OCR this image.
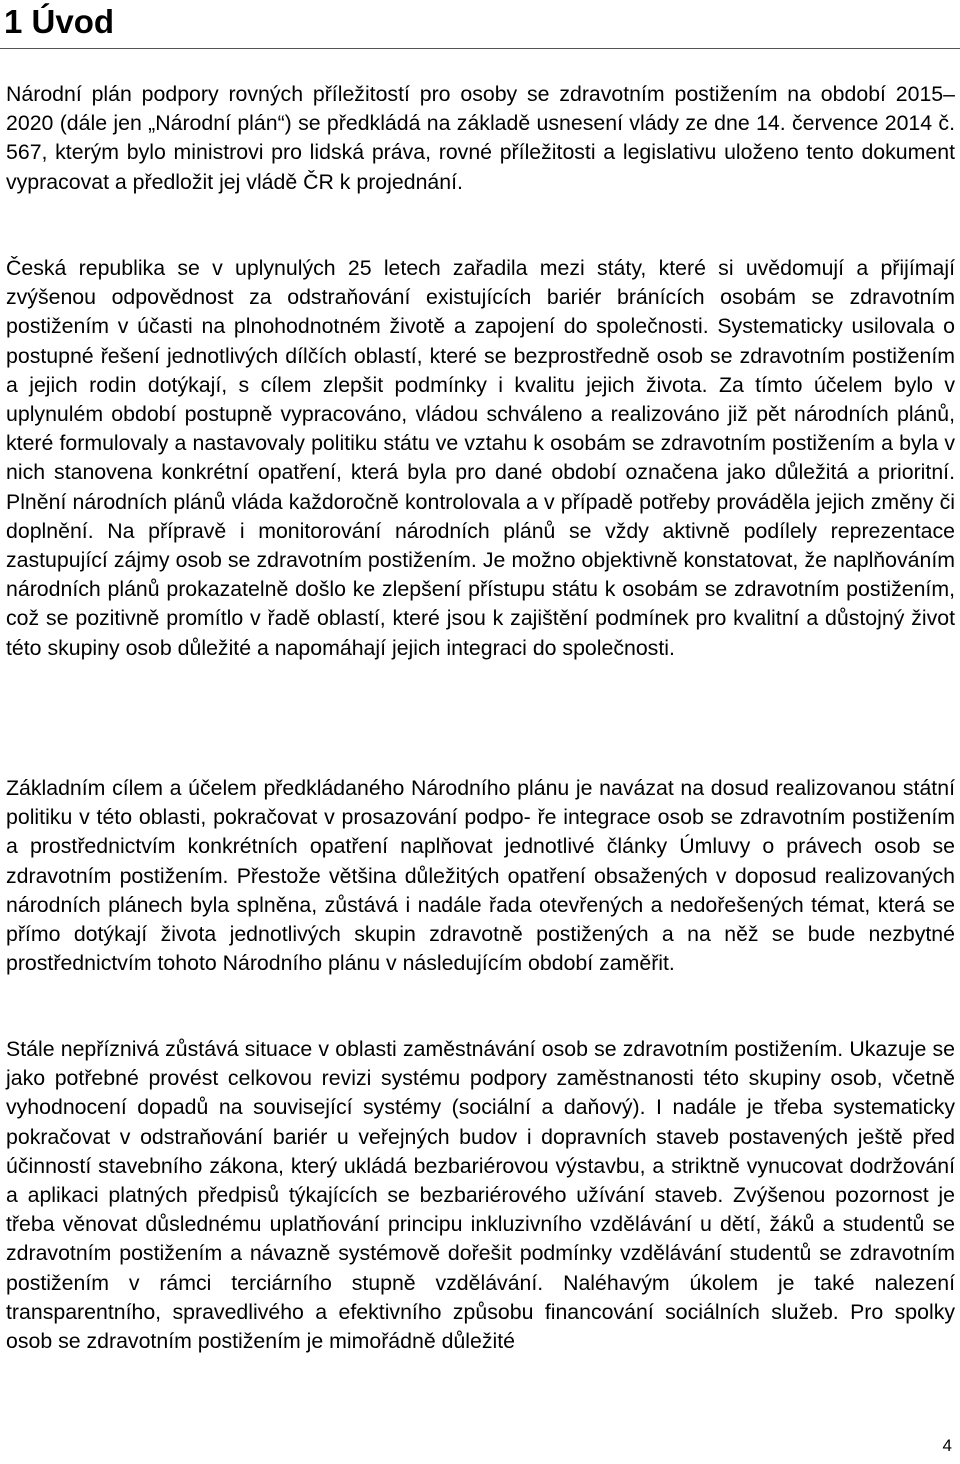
1 Úvod

Národní plán podpory rovných příležitostí pro osoby se zdravotním postižením na období 2015–2020 (dále jen „Národní plán“) se předkládá na základě usnesení vlády ze dne 14. července 2014 č. 567, kterým bylo ministrovi pro lidská práva, rovné příležitosti a legislativu uloženo tento dokument vypracovat a předložit jej vládě ČR k projednání.

Česká republika se v uplynulých 25 letech zařadila mezi státy, které si uvědomují a přijímají zvýšenou odpovědnost za odstraňování existujících bariér bránících osobám se zdravotním postižením v účasti na plnohodnotném životě a zapojení do společnosti. Systematicky usilovala o postupné řešení jednotlivých dílčích oblastí, které se bezprostředně osob se zdravotním postižením a jejich rodin dotýkají, s cílem zlepšit podmínky i kvalitu jejich života. Za tímto účelem bylo v uplynulém období postupně vypracováno, vládou schváleno a realizováno již pět národních plánů, které formulovaly a nastavovaly politiku státu ve vztahu k osobám se zdravotním postižením a byla v nich stanovena konkrétní opatření, která byla pro dané období označena jako důležitá a prioritní. Plnění národních plánů vláda každoročně kontrolovala a v případě potřeby prováděla jejich změny či doplnění. Na přípravě i monitorování národních plánů se vždy aktivně podílely reprezentace zastupující zájmy osob se zdravotním postižením. Je možno objektivně konstatovat, že naplňováním národních plánů prokazatelně došlo ke zlepšení přístupu státu k osobám se zdravotním postižením, což se pozitivně promítlo v řadě oblastí, které jsou k zajištění podmínek pro kvalitní a důstojný život této skupiny osob důležité a napomáhají jejich integraci do společnosti.

Základním cílem a účelem předkládaného Národního plánu je navázat na dosud realizovanou státní politiku v této oblasti, pokračovat v prosazování podpo- ře integrace osob se zdravotním postižením a prostřednictvím konkrétních opatření naplňovat jednotlivé články Úmluvy o právech osob se zdravotním postižením. Přestože většina důležitých opatření obsažených v doposud realizovaných národních plánech byla splněna, zůstává i nadále řada otevřených a nedořešených témat, která se přímo dotýkají života jednotlivých skupin zdravotně postižených a na něž se bude nezbytné prostřednictvím tohoto Národního plánu v následujícím období zaměřit.

Stále nepříznivá zůstává situace v oblasti zaměstnávání osob se zdravotním postižením. Ukazuje se jako potřebné provést celkovou revizi systému podpory zaměstnanosti této skupiny osob, včetně vyhodnocení dopadů na související systémy (sociální a daňový). I nadále je třeba systematicky pokračovat v odstraňování bariér u veřejných budov i dopravních staveb postavených ještě před účinností stavebního zákona, který ukládá bezbariérovou výstavbu, a striktně vynucovat dodržování a aplikaci platných předpisů týkajících se bezbariérového užívání staveb. Zvýšenou pozornost je třeba věnovat důslednému uplatňování principu inkluzivního vzdělávání u dětí, žáků a studentů se zdravotním postižením a návazně systémově dořešit podmínky vzdělávání studentů se zdravotním postižením v rámci terciárního stupně vzdělávání. Naléhavým úkolem je také nalezení transparentního, spravedlivého a efektivního způsobu financování sociálních služeb. Pro spolky osob se zdravotním postižením je mimořádně důležité

4
